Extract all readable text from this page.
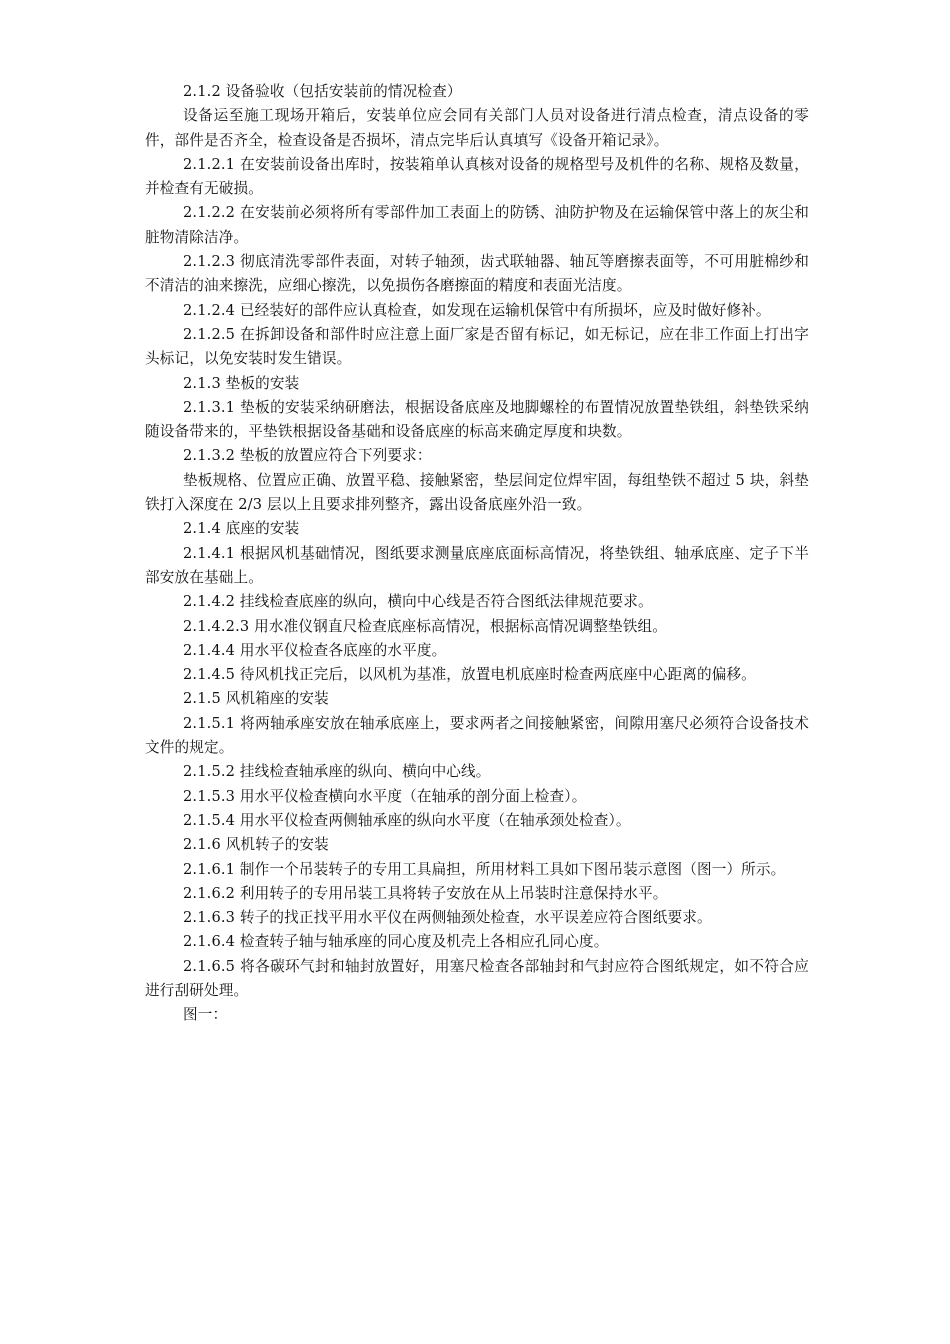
2.1.2 设备验收（包括安装前的情况检查）

设备运至施工现场开箱后，安装单位应会同有关部门人员对设备进行清点检查，清点设备的零件，部件是否齐全，检查设备是否损坏，清点完毕后认真填写《设备开箱记录》。

2.1.2.1 在安装前设备出库时，按装箱单认真核对设备的规格型号及机件的名称、规格及数量，并检查有无破损。

2.1.2.2 在安装前必须将所有零部件加工表面上的防锈、油防护物及在运输保管中落上的灰尘和脏物清除洁净。

2.1.2.3 彻底清洗零部件表面，对转子轴颈，齿式联轴器、轴瓦等磨擦表面等，不可用脏棉纱和不清洁的油来擦洗，应细心擦洗，以免损伤各磨擦面的精度和表面光洁度。

2.1.2.4 已经装好的部件应认真检查，如发现在运输机保管中有所损坏，应及时做好修补。

2.1.2.5 在拆卸设备和部件时应注意上面厂家是否留有标记，如无标记，应在非工作面上打出字头标记，以免安装时发生错误。

2.1.3 垫板的安装

2.1.3.1 垫板的安装采纳研磨法，根据设备底座及地脚螺栓的布置情况放置垫铁组，斜垫铁采纳随设备带来的，平垫铁根据设备基础和设备底座的标高来确定厚度和块数。

2.1.3.2 垫板的放置应符合下列要求：

垫板规格、位置应正确、放置平稳、接触紧密，垫层间定位焊牢固，每组垫铁不超过 5 块，斜垫铁打入深度在 2/3 层以上且要求排列整齐，露出设备底座外沿一致。

2.1.4 底座的安装

2.1.4.1 根据风机基础情况，图纸要求测量底座底面标高情况，将垫铁组、轴承底座、定子下半部安放在基础上。

2.1.4.2 挂线检查底座的纵向，横向中心线是否符合图纸法律规范要求。

2.1.4.2.3 用水准仪钢直尺检查底座标高情况，根据标高情况调整垫铁组。

2.1.4.4 用水平仪检查各底座的水平度。

2.1.4.5 待风机找正完后，以风机为基准，放置电机底座时检查两底座中心距离的偏移。

2.1.5 风机箱座的安装

2.1.5.1 将两轴承座安放在轴承底座上，要求两者之间接触紧密，间隙用塞尺必须符合设备技术文件的规定。

2.1.5.2 挂线检查轴承座的纵向、横向中心线。

2.1.5.3 用水平仪检查横向水平度（在轴承的剖分面上检查）。

2.1.5.4 用水平仪检查两侧轴承座的纵向水平度（在轴承颈处检查）。

2.1.6 风机转子的安装

2.1.6.1 制作一个吊装转子的专用工具扁担，所用材料工具如下图吊装示意图（图一）所示。

2.1.6.2 利用转子的专用吊装工具将转子安放在从上吊装时注意保持水平。

2.1.6.3 转子的找正找平用水平仪在两侧轴颈处检查，水平误差应符合图纸要求。

2.1.6.4 检查转子轴与轴承座的同心度及机壳上各相应孔同心度。

2.1.6.5 将各碳环气封和轴封放置好，用塞尺检查各部轴封和气封应符合图纸规定，如不符合应进行刮研处理。

图一：
